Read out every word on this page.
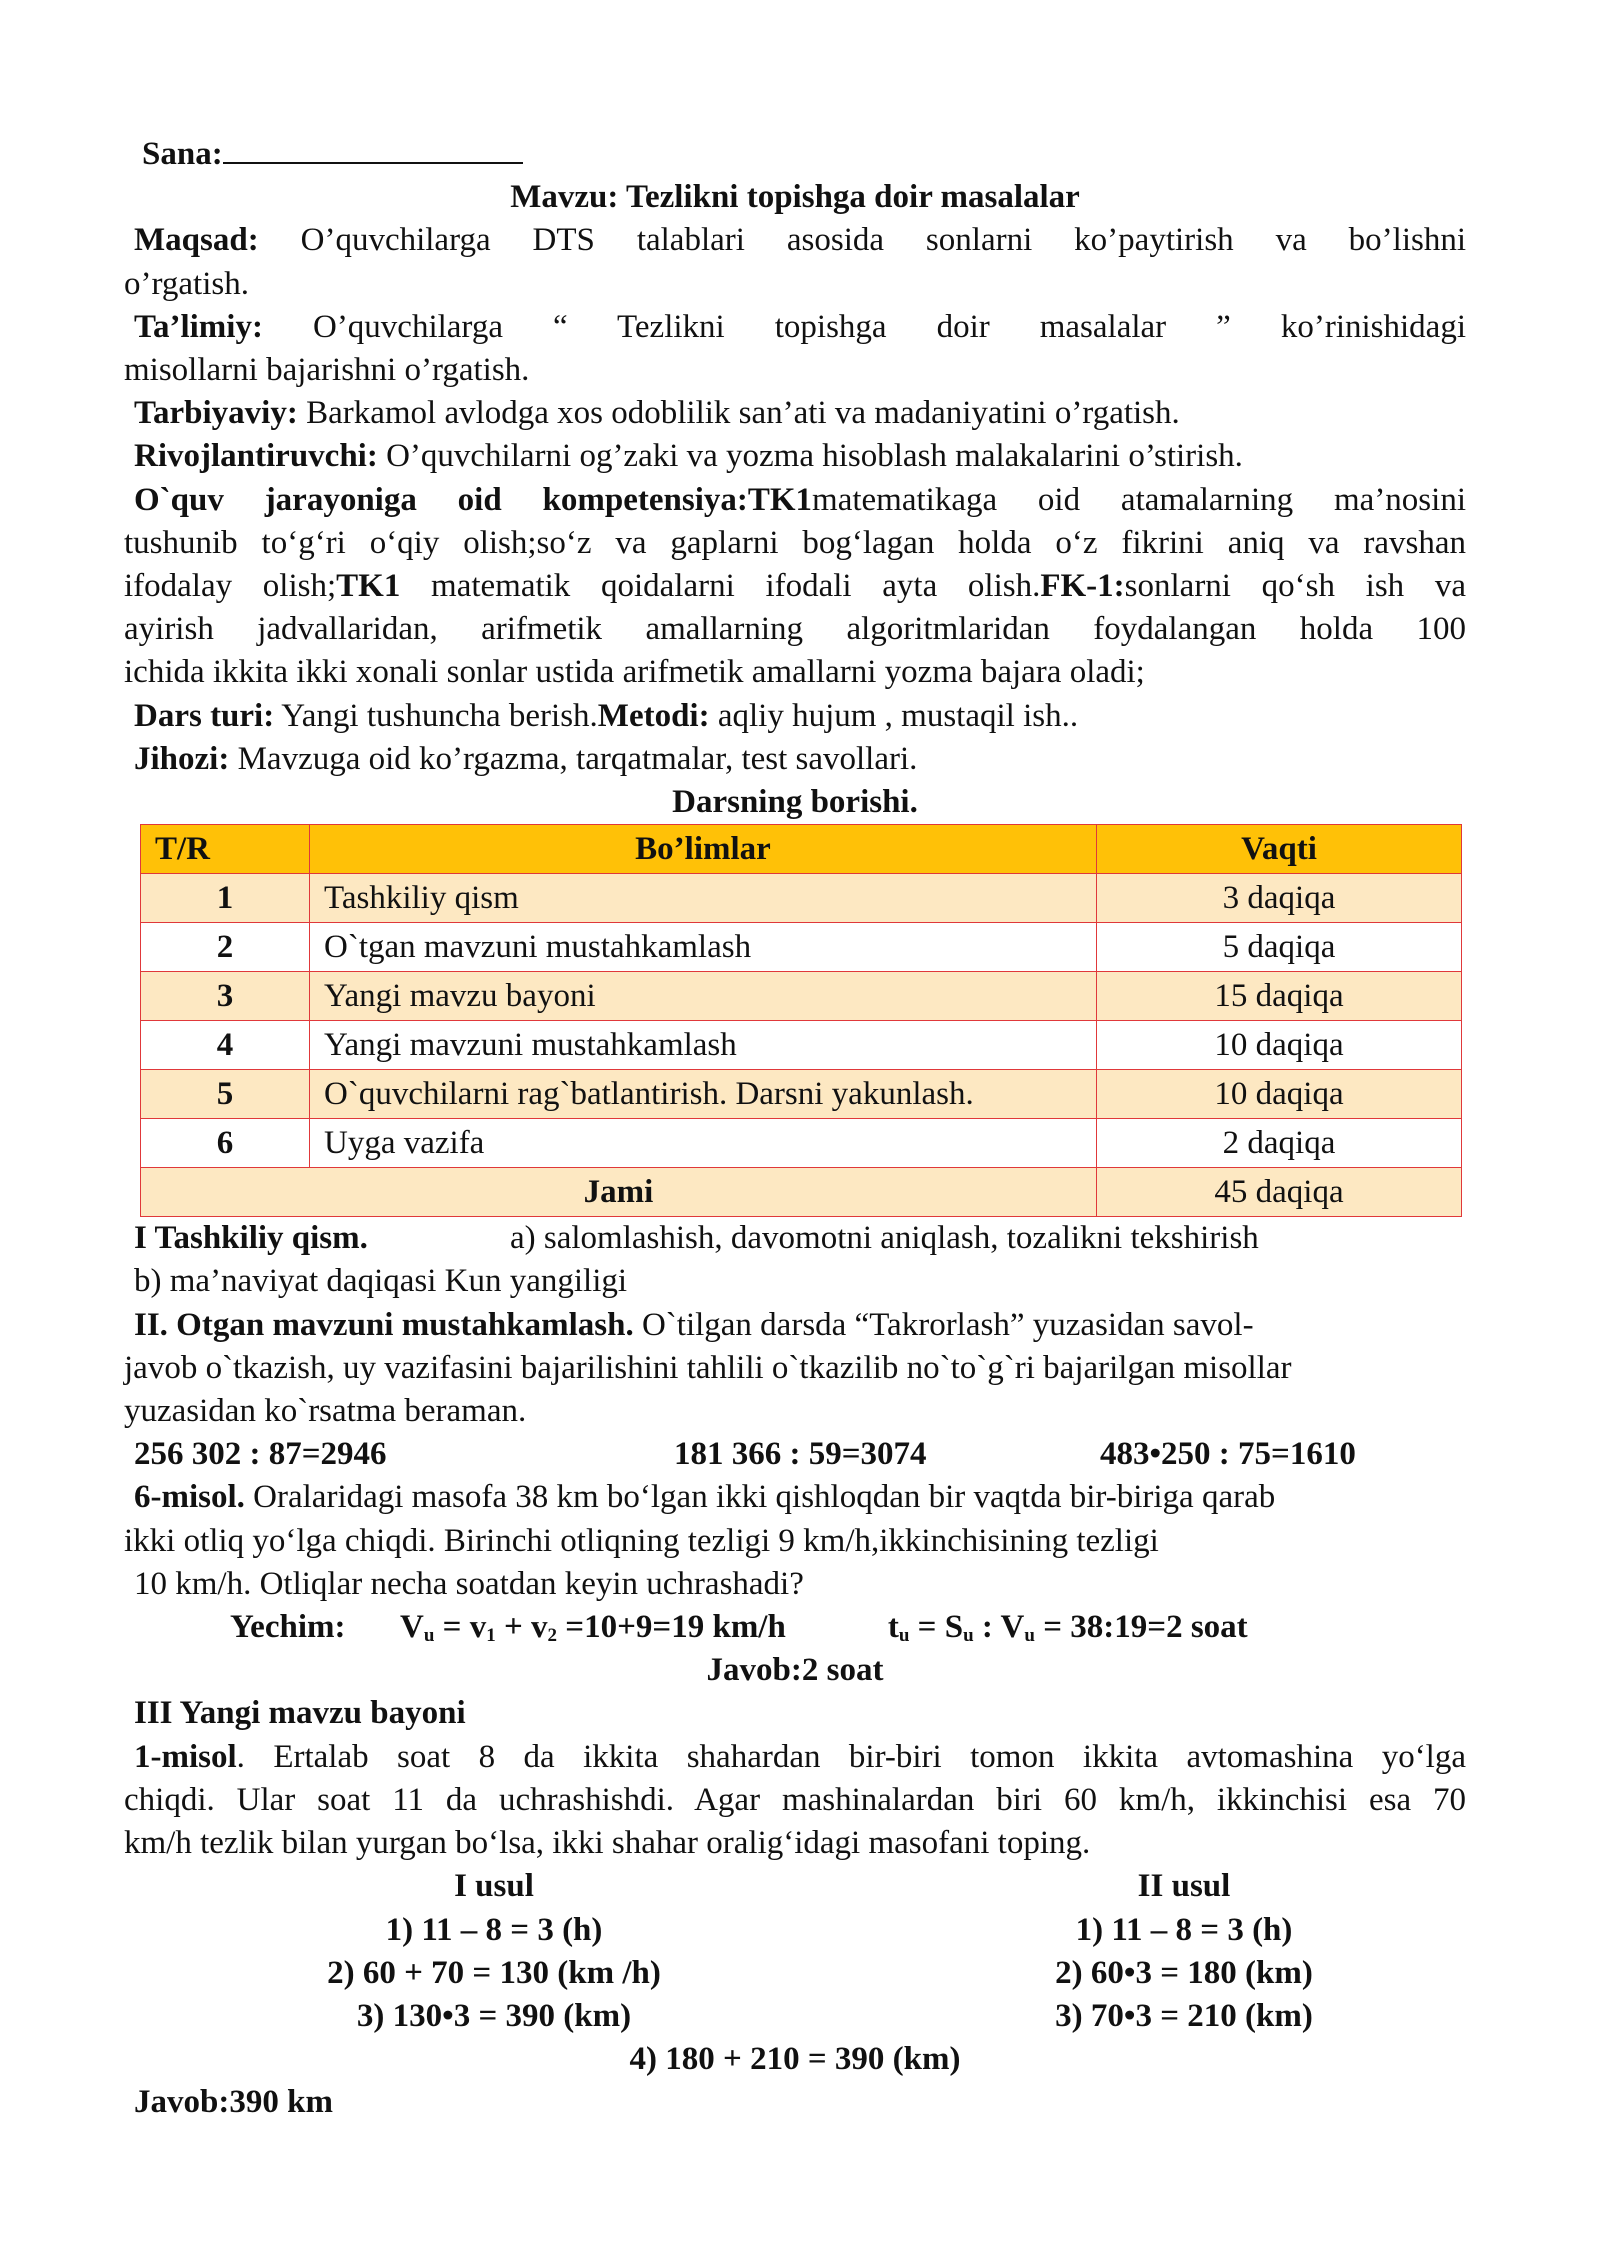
Sana:
Mavzu: Tezlikni topishga doir masalalar
Maqsad: O’quvchilarga DTS talablari asosida sonlarni ko’paytirish va bo’lishni
o’rgatish.
Ta’limiy: O’quvchilarga “ Tezlikni topishga doir masalalar ” ko’rinishidagi
misollarni bajarishni o’rgatish.
Tarbiyaviy: Barkamol avlodga xos odoblilik san’ati va madaniyatini o’rgatish.
Rivojlantiruvchi: O’quvchilarni og’zaki va yozma hisoblash malakalarini o’stirish.
O`quv jarayoniga oid kompetensiya:TK1matematikaga oid atamalarning ma’nosini
tushunib to‘g‘ri o‘qiy olish;so‘z va gaplarni bog‘lagan holda o‘z fikrini aniq va ravshan
ifodalay olish;TK1 matematik qoidalarni ifodali ayta olish.FK-1:sonlarni qo‘sh ish va
ayirish jadvallaridan, arifmetik amallarning algoritmlaridan foydalangan holda 100
ichida ikkita ikki xonali sonlar ustida arifmetik amallarni yozma bajara oladi;
Dars turi: Yangi tushuncha berish.Metodi: aqliy hujum , mustaqil ish..
Jihozi: Mavzuga oid ko’rgazma, tarqatmalar, test savollari.
Darsning borishi.
T/R	Bo’limlar	Vaqti
1	Tashkiliy qism	3 daqiqa
2	O`tgan mavzuni mustahkamlash	5 daqiqa
3	Yangi mavzu bayoni	15 daqiqa
4	Yangi mavzuni mustahkamlash	10 daqiqa
5	O`quvchilarni rag`batlantirish. Darsni yakunlash.	10 daqiqa
6	Uyga vazifa	2 daqiqa
Jami		45 daqiqa
I Tashkiliy qism.	a) salomlashish, davomotni aniqlash, tozalikni tekshirish
b) ma’naviyat daqiqasi Kun yangiligi
II. Otgan mavzuni mustahkamlash. O`tilgan darsda “Takrorlash” yuzasidan savol-
javob o`tkazish, uy vazifasini bajarilishini tahlili o`tkazilib no`to`g`ri bajarilgan misollar
yuzasidan ko`rsatma beraman.
256 302 : 87=2946	181 366 : 59=3074	483•250 : 75=1610
6-misol. Oralaridagi masofa 38 km bo‘lgan ikki qishloqdan bir vaqtda bir-biriga qarab
ikki otliq yo‘lga chiqdi. Birinchi otliqning tezligi 9 km/h,ikkinchisining tezligi
10 km/h. Otliqlar necha soatdan keyin uchrashadi?
Yechim: $V_u = v_1 + v_2 =10+9=19$ km/h	$t_u = S_u$ : $V_u$ = 38:19=2 soat
Javob:2 soat
III Yangi mavzu bayoni
1-misol. Ertalab soat 8 da ikkita shahardan bir-biri tomon ikkita avtomashina yo‘lga
chiqdi. Ular soat 11 da uchrashishdi. Agar mashinalardan biri 60 km/h, ikkinchisi esa 70
km/h tezlik bilan yurgan bo‘lsa, ikki shahar oralig‘idagi masofani toping.
I usul
1) 11 – 8 = 3 (h)
2) 60 + 70 = 130 (km /h)
3) 130•3 = 390 (km)
II usul
1) 11 – 8 = 3 (h)
2) 60•3 = 180 (km)
3) 70•3 = 210 (km)
4) 180 + 210 = 390 (km)
Javob:390 km
